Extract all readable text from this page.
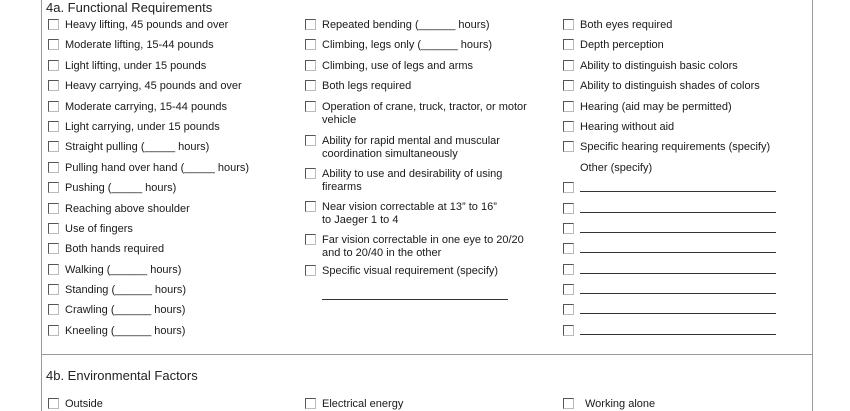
4a. Functional Requirements
Heavy lifting, 45 pounds and over
Moderate lifting, 15-44 pounds
Light lifting, under 15 pounds
Heavy carrying, 45 pounds and over
Moderate carrying, 15-44 pounds
Light carrying, under 15 pounds
Straight pulling (_____ hours)
Pulling hand over hand (_____ hours)
Pushing (_____ hours)
Reaching above shoulder
Use of fingers
Both hands required
Walking (______ hours)
Standing (______ hours)
Crawling (______ hours)
Kneeling (______ hours)
Repeated bending (______ hours)
Climbing, legs only (______ hours)
Climbing, use of legs and arms
Both legs required
Operation of crane, truck, tractor, or motor
vehicle
Ability for rapid mental and muscular
coordination simultaneously
Ability to use and desirability of using
firearms
Near vision correctable at 13” to 16”
to Jaeger 1 to 4
Far vision correctable in one eye to 20/20
and to 20/40 in the other
Specific visual requirement (specify)
Both eyes required
Depth perception
Ability to distinguish basic colors
Ability to distinguish shades of colors
Hearing (aid may be permitted)
Hearing without aid
Specific hearing requirements (specify)
Other (specify)
4b. Environmental Factors
Outside	Electrical energy	Working alone
